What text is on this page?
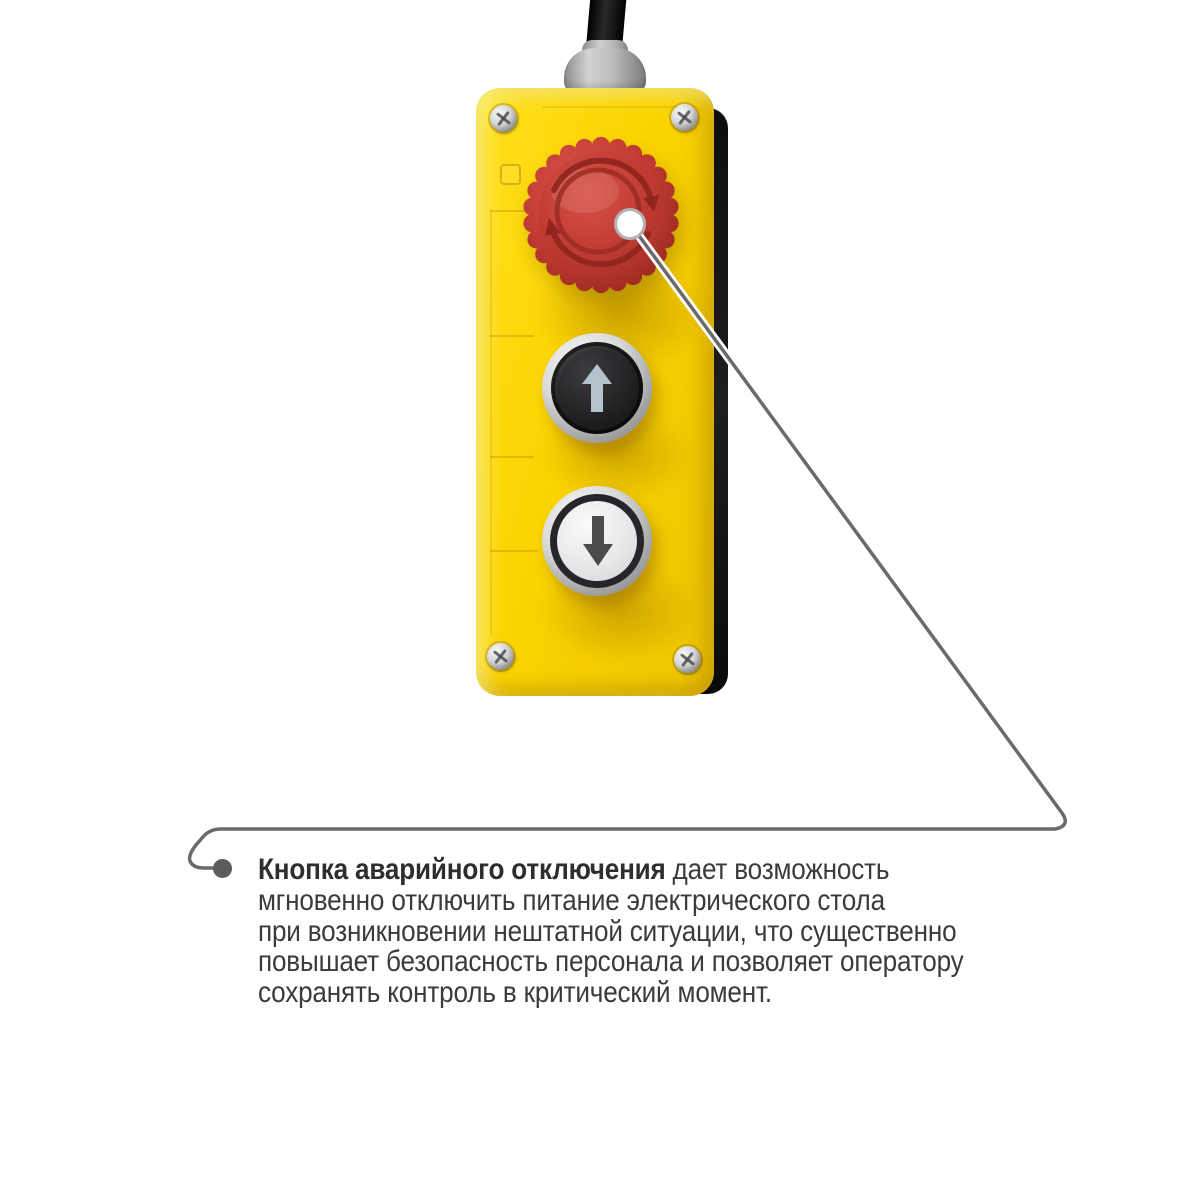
Кнопка аварийного отключения дает возможность
мгновенно отключить питание электрического стола
при возникновении нештатной ситуации, что существенно
повышает безопасность персонала и позволяет оператору
сохранять контроль в критический момент.
